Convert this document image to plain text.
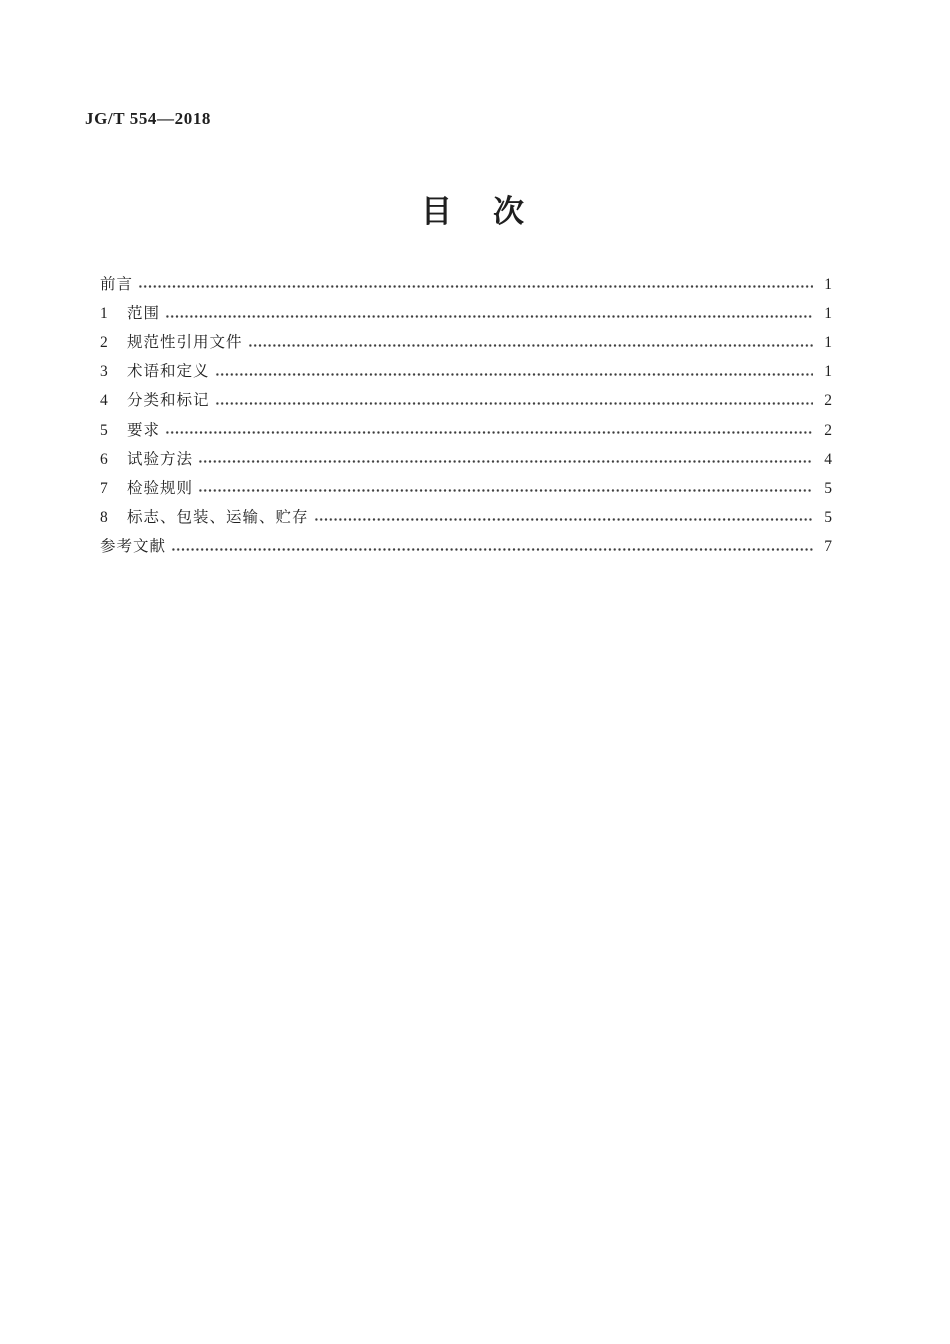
JG/T 554—2018
目　次
前言	1
1	范围	1
2	规范性引用文件	1
3	术语和定义	1
4	分类和标记	2
5	要求	2
6	试验方法	4
7	检验规则	5
8	标志、包装、运输、贮存	5
参考文献	7
